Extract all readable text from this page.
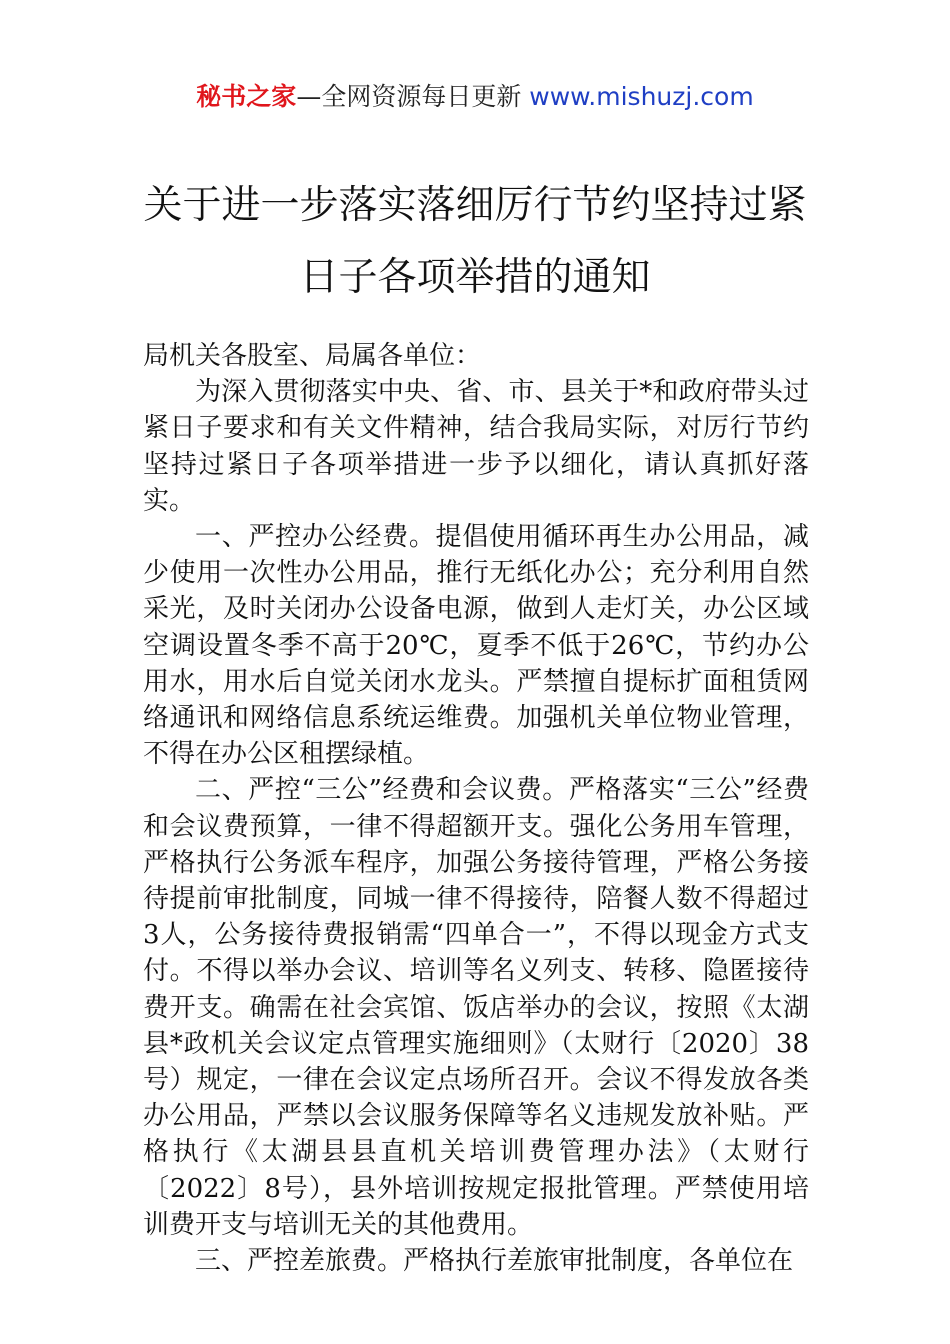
秘书之家—全网资源每日更新 www.mishuzj.com
关于进一步落实落细厉行节约坚持过紧日子各项举措的通知

局机关各股室、局属各单位：

为深入贯彻落实中央、省、市、县关于*和政府带头过紧日子要求和有关文件精神，结合我局实际，对厉行节约坚持过紧日子各项举措进一步予以细化，请认真抓好落实。

一、严控办公经费。提倡使用循环再生办公用品，减少使用一次性办公用品，推行无纸化办公；充分利用自然采光，及时关闭办公设备电源，做到人走灯关，办公区域空调设置冬季不高于20℃，夏季不低于26℃，节约办公用水，用水后自觉关闭水龙头。严禁擅自提标扩面租赁网络通讯和网络信息系统运维费。加强机关单位物业管理，不得在办公区租摆绿植。

二、严控“三公”经费和会议费。严格落实“三公”经费和会议费预算，一律不得超额开支。强化公务用车管理，严格执行公务派车程序，加强公务接待管理，严格公务接待提前审批制度，同城一律不得接待，陪餐人数不得超过3人，公务接待费报销需“四单合一”，不得以现金方式支付。不得以举办会议、培训等名义列支、转移、隐匿接待费开支。确需在社会宾馆、饭店举办的会议，按照《太湖县*政机关会议定点管理实施细则》（太财行〔2020〕38号）规定，一律在会议定点场所召开。会议不得发放各类办公用品，严禁以会议服务保障等名义违规发放补贴。严格执行《太湖县县直机关培训费管理办法》（太财行〔2022〕8号），县外培训按规定报批管理。严禁使用培训费开支与培训无关的其他费用。

三、严控差旅费。严格执行差旅审批制度，各单位在
